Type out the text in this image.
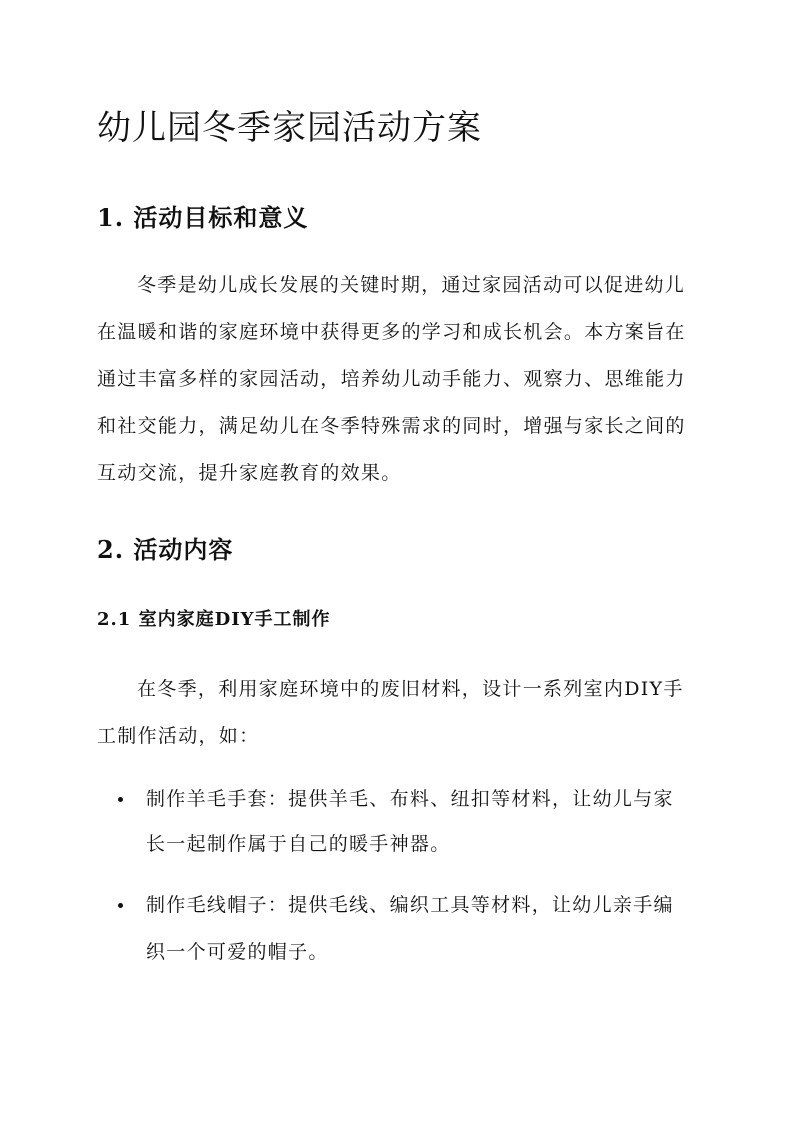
幼儿园冬季家园活动方案
1. 活动目标和意义
冬季是幼儿成长发展的关键时期，通过家园活动可以促进幼儿
在温暖和谐的家庭环境中获得更多的学习和成长机会。本方案旨在
通过丰富多样的家园活动，培养幼儿动手能力、观察力、思维能力
和社交能力，满足幼儿在冬季特殊需求的同时，增强与家长之间的
互动交流，提升家庭教育的效果。
2. 活动内容
2.1 室内家庭DIY手工制作
在冬季，利用家庭环境中的废旧材料，设计一系列室内DIY手
工制作活动，如：
制作羊毛手套：提供羊毛、布料、纽扣等材料，让幼儿与家
长一起制作属于自己的暖手神器。
制作毛线帽子：提供毛线、编织工具等材料，让幼儿亲手编
织一个可爱的帽子。
